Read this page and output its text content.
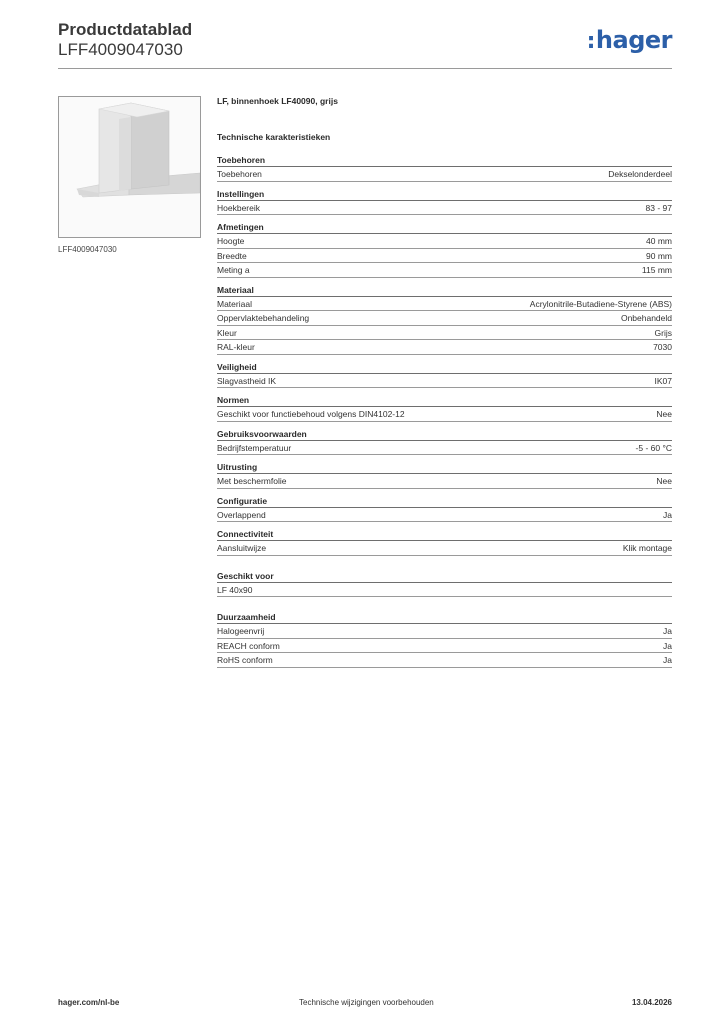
Productdatablad
LFF4009047030	:hager
LFF4009047030
LF, binnenhoek LF40090, grijs
Technische karakteristieken
Toebehoren
Toebehoren	Dekselonderdeel
Instellingen
Hoekbereik	83 - 97
Afmetingen
Hoogte	40 mm
Breedte	90 mm
Meting a	115 mm
Materiaal
Materiaal	Acrylonitrile-Butadiene-Styrene (ABS)
Oppervlaktebehandeling	Onbehandeld
Kleur	Grijs
RAL-kleur	7030
Veiligheid
Slagvastheid IK	IK07
Normen
Geschikt voor functiebehoud volgens DIN4102-12	Nee
Gebruiksvoorwaarden
Bedrijfstemperatuur	-5 - 60 °C
Uitrusting
Met beschermfolie	Nee
Configuratie
Overlappend	Ja
Connectiviteit
Aansluitwijze	Klik montage
Geschikt voor
LF 40x90
Duurzaamheid
Halogeenvrij	Ja
REACH conform	Ja
RoHS conform	Ja
hager.com/nl-be	Technische wijzigingen voorbehouden	13.04.2026
